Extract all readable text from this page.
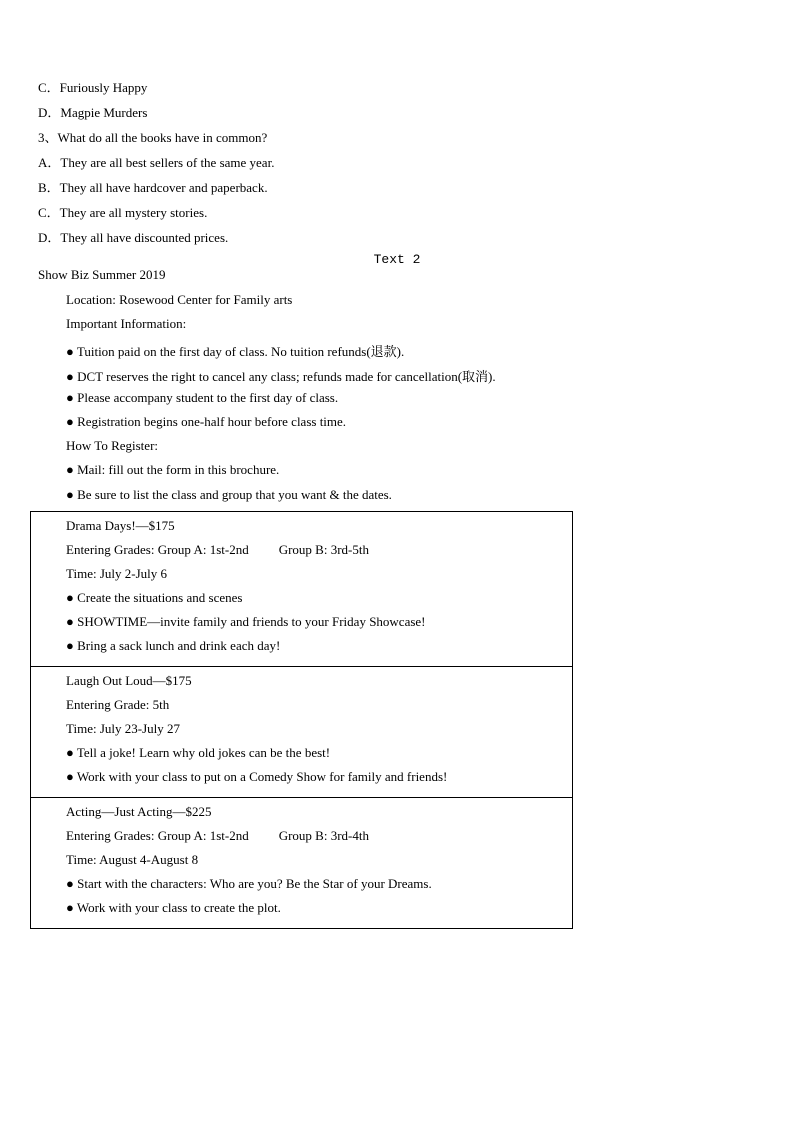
C．Furiously Happy
D．Magpie Murders
3、What do all the books have in common?
A．They are all best sellers of the same year.
B．They all have hardcover and paperback.
C．They are all mystery stories.
D．They all have discounted prices.
Text 2
Show Biz Summer 2019
Location: Rosewood Center for Family arts
Important Information:
● Tuition paid on the first day of class. No tuition refunds(退款).
● DCT reserves the right to cancel any class; refunds made for cancellation(取消).
● Please accompany student to the first day of class.
● Registration begins one-half hour before class time.
How To Register:
● Mail: fill out the form in this brochure.
● Be sure to list the class and group that you want & the dates.
Drama Days!—$175
Entering Grades: Group A: 1st-2nd Group B: 3rd-5th
Time: July 2-July 6
● Create the situations and scenes
● SHOWTIME—invite family and friends to your Friday Showcase!
● Bring a sack lunch and drink each day!

Laugh Out Loud—$175
Entering Grade: 5th
Time: July 23-July 27
● Tell a joke! Learn why old jokes can be the best!
● Work with your class to put on a Comedy Show for family and friends!

Acting—Just Acting—$225
Entering Grades: Group A: 1st-2nd Group B: 3rd-4th
Time: August 4-August 8
● Start with the characters: Who are you? Be the Star of your Dreams.
● Work with your class to create the plot.
